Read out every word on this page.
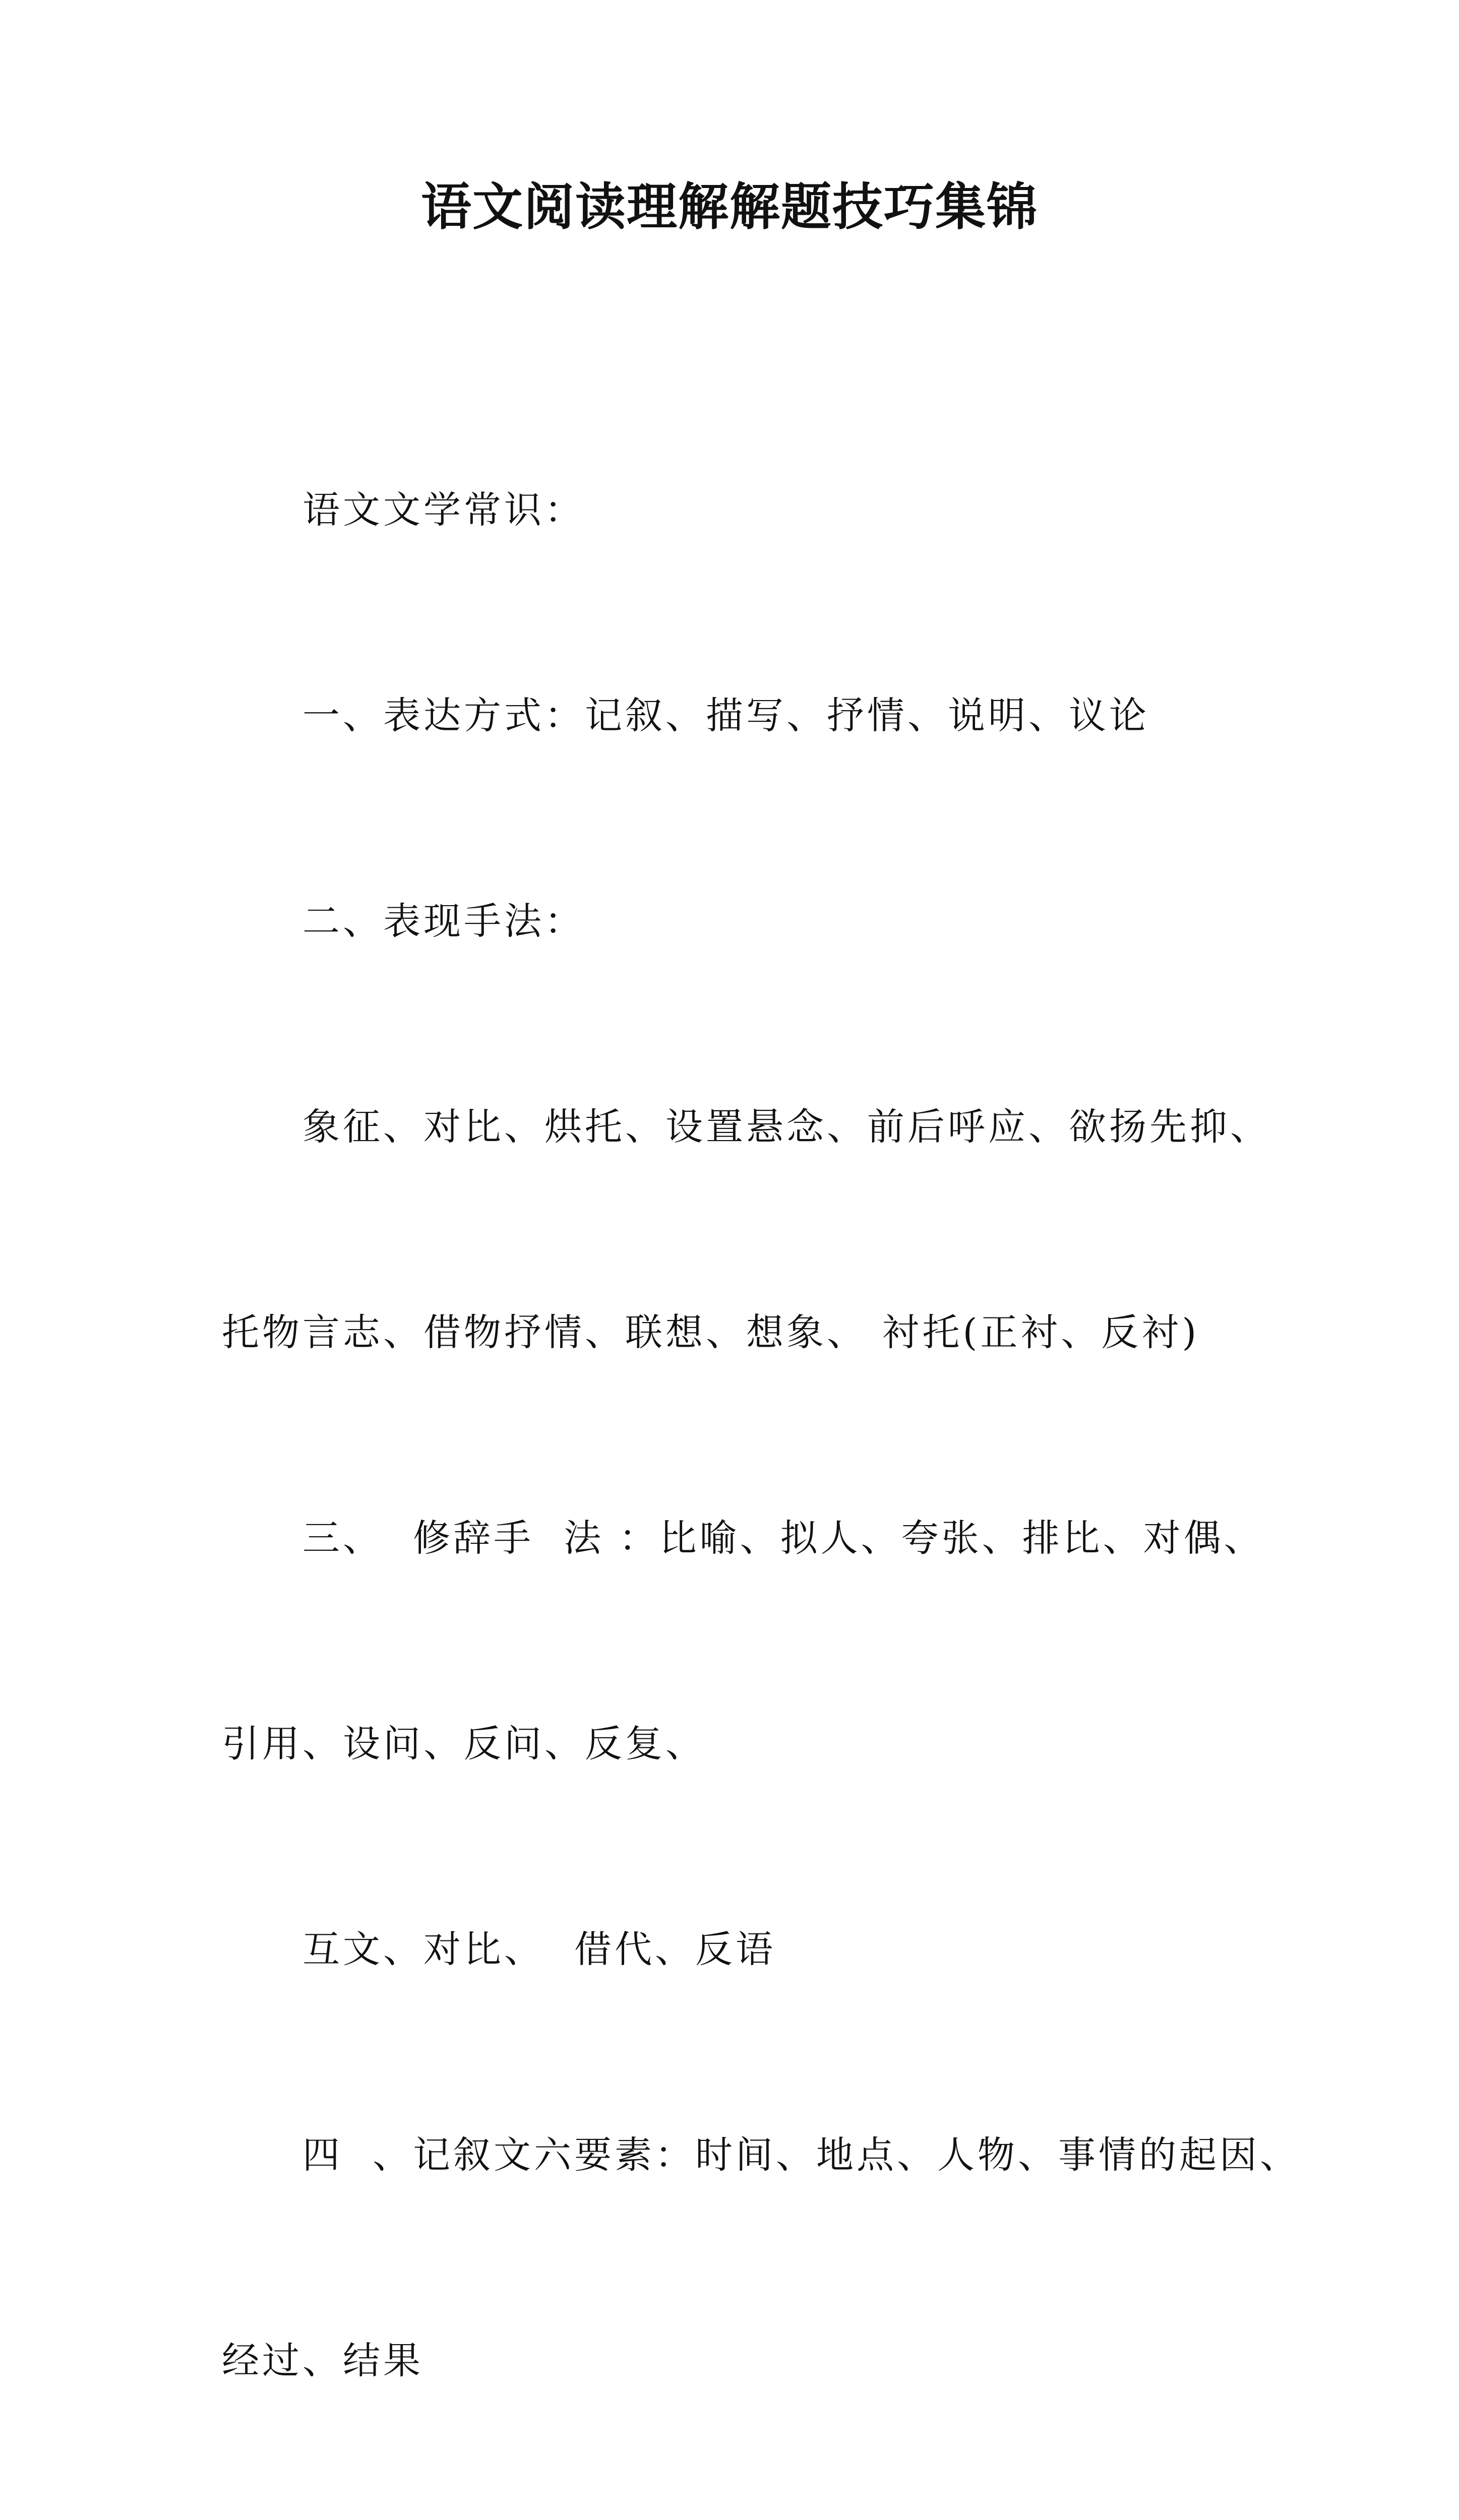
语文阅读理解解题技巧集锦

语文文学常识：

一、表达方式：记叙、描写、抒情、说明、议论

二、表现手法：

象征、对比、烘托、设置悬念、前后呼应、欲扬先抑、

托物言志、借物抒情、联想、想象、 衬托(正衬、反衬)

三、  修辞手  法 ：比喻、拟人、夸张、排比、对偶、

引用、设问、反问、反复、

互文、对比、  借代、反语

四  、记叙文六要素：时间、地点、人物、事情的起因、

经过、结果
